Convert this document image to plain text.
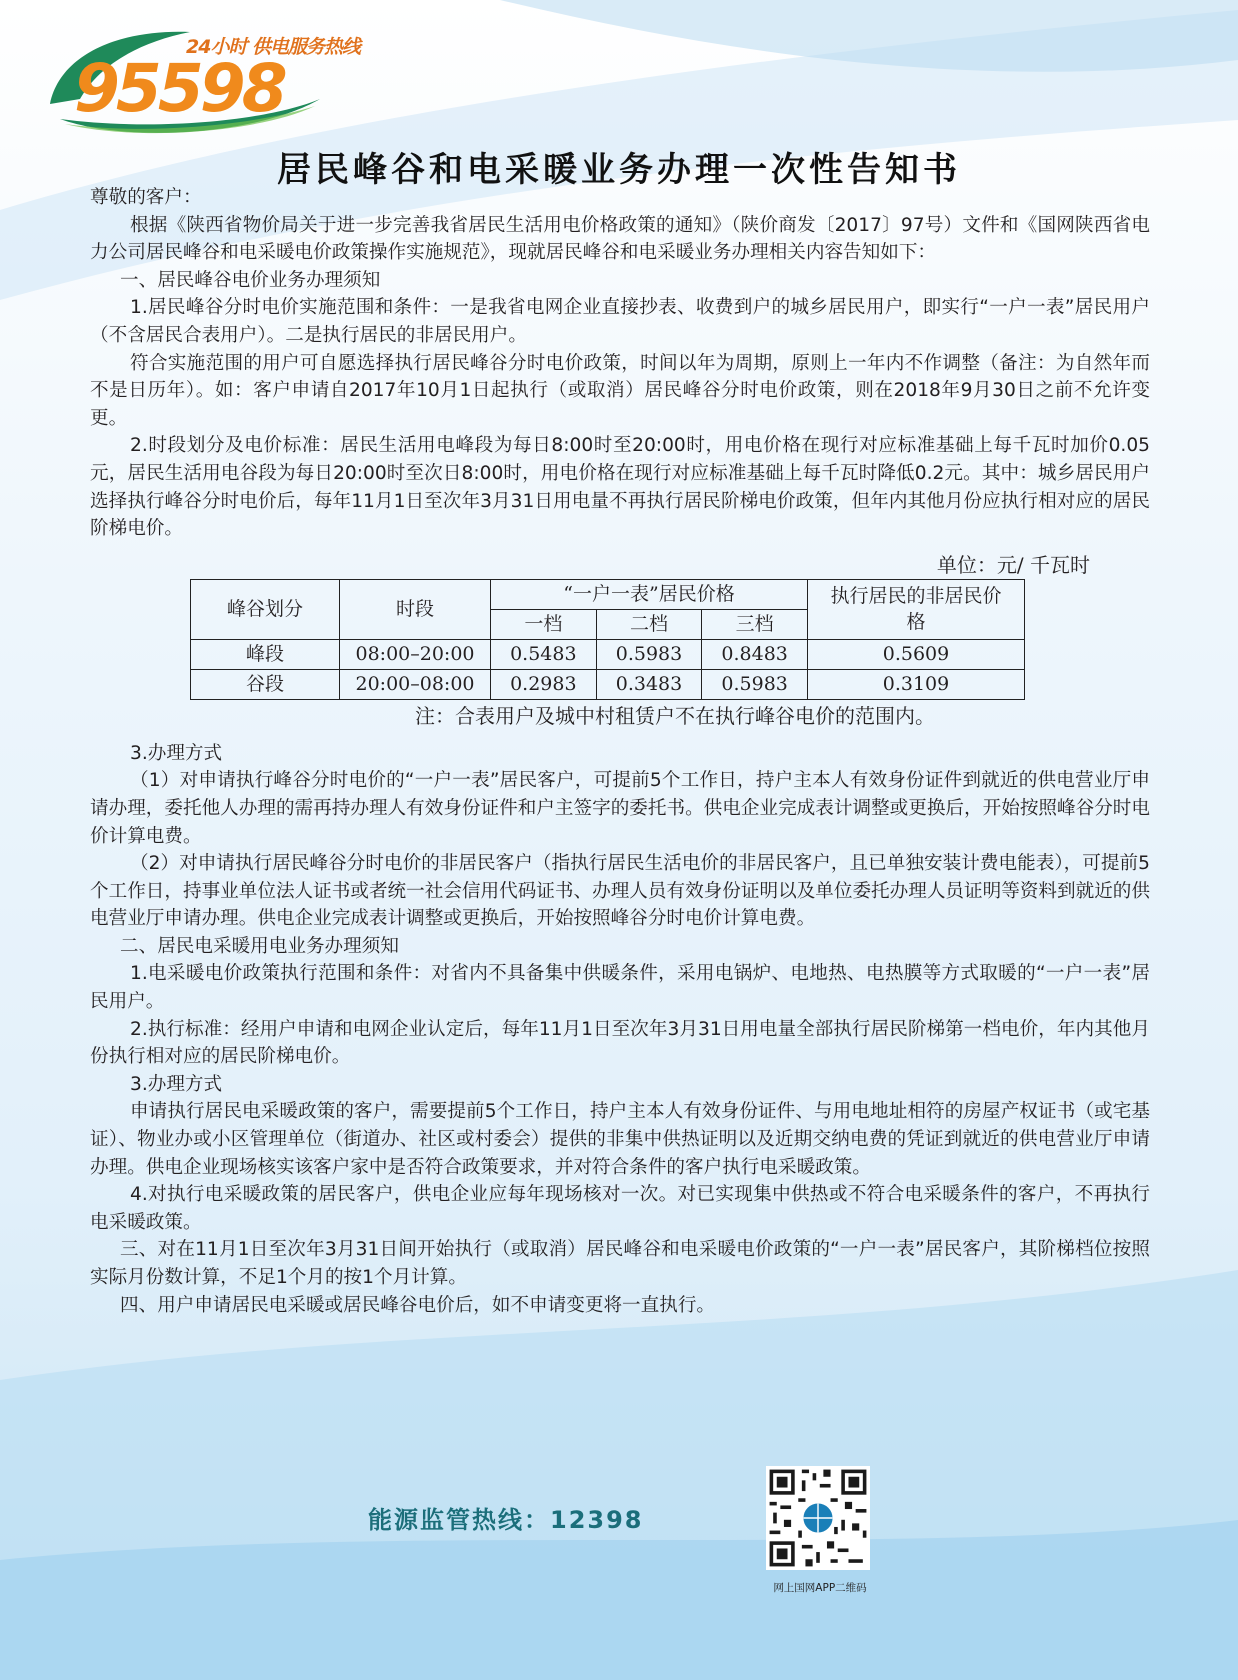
24小时 供电服务热线
95598
居民峰谷和电采暖业务办理一次性告知书

尊敬的客户：

根据《陕西省物价局关于进一步完善我省居民生活用电价格政策的通知》（陕价商发〔2017〕97号）文件和《国网陕西省电力公司居民峰谷和电采暖电价政策操作实施规范》，现就居民峰谷和电采暖业务办理相关内容告知如下：

一、居民峰谷电价业务办理须知

1.居民峰谷分时电价实施范围和条件：一是我省电网企业直接抄表、收费到户的城乡居民用户，即实行“一户一表”居民用户（不含居民合表用户）。二是执行居民的非居民用户。

符合实施范围的用户可自愿选择执行居民峰谷分时电价政策，时间以年为周期，原则上一年内不作调整（备注：为自然年而不是日历年）。如：客户申请自2017年10月1日起执行（或取消）居民峰谷分时电价政策，则在2018年9月30日之前不允许变更。

2.时段划分及电价标准：居民生活用电峰段为每日8:00时至20:00时，用电价格在现行对应标准基础上每千瓦时加价0.05元，居民生活用电谷段为每日20:00时至次日8:00时，用电价格在现行对应标准基础上每千瓦时降低0.2元。其中：城乡居民用户选择执行峰谷分时电价后，每年11月1日至次年3月31日用电量不再执行居民阶梯电价政策，但年内其他月份应执行相对应的居民阶梯电价。

单位：元/ 千瓦时
峰谷划分	时段	“一户一表”居民价格			执行居民的非居民价格
		一档	二档	三档	
峰段	08:00–20:00	0.5483	0.5983	0.8483	0.5609
谷段	20:00–08:00	0.2983	0.3483	0.5983	0.3109
注：合表用户及城中村租赁户不在执行峰谷电价的范围内。

3.办理方式

（1）对申请执行峰谷分时电价的“一户一表”居民客户，可提前5个工作日，持户主本人有效身份证件到就近的供电营业厅申请办理，委托他人办理的需再持办理人有效身份证件和户主签字的委托书。供电企业完成表计调整或更换后，开始按照峰谷分时电价计算电费。

（2）对申请执行居民峰谷分时电价的非居民客户（指执行居民生活电价的非居民客户，且已单独安装计费电能表），可提前5个工作日，持事业单位法人证书或者统一社会信用代码证书、办理人员有效身份证明以及单位委托办理人员证明等资料到就近的供电营业厅申请办理。供电企业完成表计调整或更换后，开始按照峰谷分时电价计算电费。

二、居民电采暖用电业务办理须知

1.电采暖电价政策执行范围和条件：对省内不具备集中供暖条件，采用电锅炉、电地热、电热膜等方式取暖的“一户一表”居民用户。

2.执行标准：经用户申请和电网企业认定后，每年11月1日至次年3月31日用电量全部执行居民阶梯第一档电价，年内其他月份执行相对应的居民阶梯电价。

3.办理方式

申请执行居民电采暖政策的客户，需要提前5个工作日，持户主本人有效身份证件、与用电地址相符的房屋产权证书（或宅基证）、物业办或小区管理单位（街道办、社区或村委会）提供的非集中供热证明以及近期交纳电费的凭证到就近的供电营业厅申请办理。供电企业现场核实该客户家中是否符合政策要求，并对符合条件的客户执行电采暖政策。

4.对执行电采暖政策的居民客户，供电企业应每年现场核对一次。对已实现集中供热或不符合电采暖条件的客户，不再执行电采暖政策。

三、对在11月1日至次年3月31日间开始执行（或取消）居民峰谷和电采暖电价政策的“一户一表”居民客户，其阶梯档位按照实际月份数计算，不足1个月的按1个月计算。

四、用户申请居民电采暖或居民峰谷电价后，如不申请变更将一直执行。

能源监管热线：12398
网上国网APP二维码
